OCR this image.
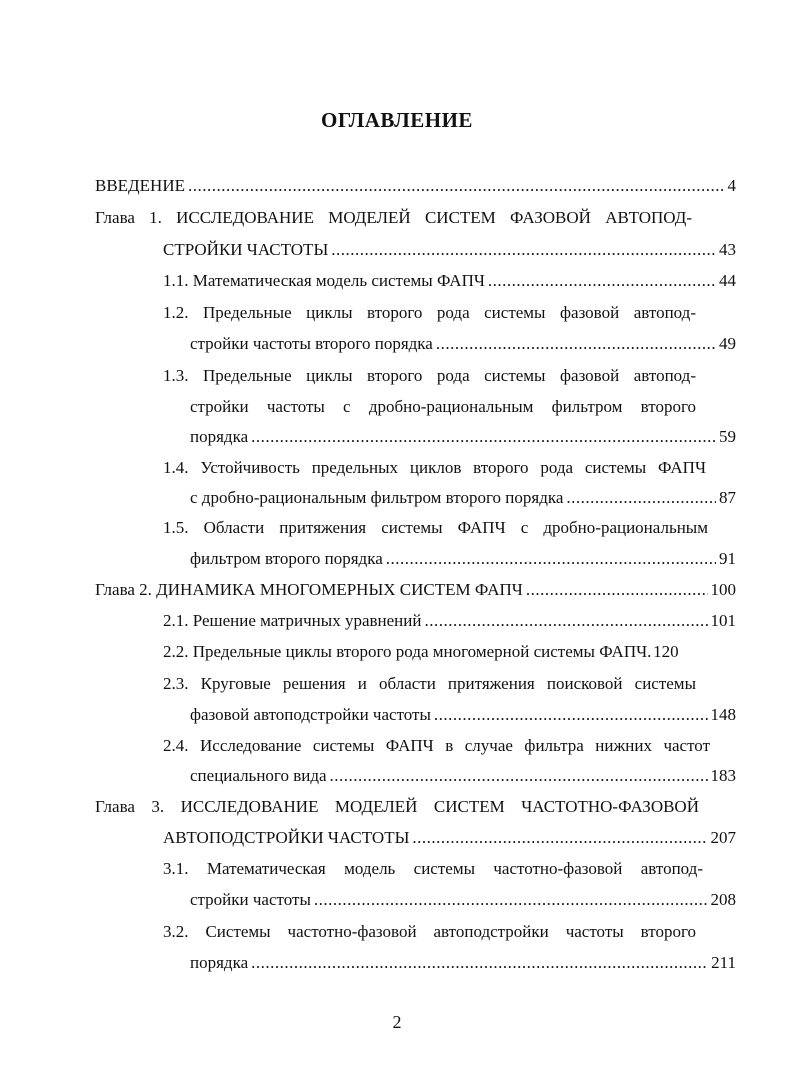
ОГЛАВЛЕНИЕ
ВВЕДЕНИЕ .....	4
Глава 1. ИССЛЕДОВАНИЕ МОДЕЛЕЙ СИСТЕМ ФАЗОВОЙ АВТОПОД-
СТРОЙКИ ЧАСТОТЫ .....	43
1.1. Математическая модель системы ФАПЧ .....	44
1.2. Предельные циклы второго рода системы фазовой автопод-
стройки частоты второго порядка .....	49
1.3. Предельные циклы второго рода системы фазовой автопод-
стройки частоты с дробно-рациональным фильтром второго
порядка .....	59
1.4. Устойчивость предельных циклов второго рода системы ФАПЧ
с дробно-рациональным фильтром второго порядка .....	87
1.5. Области притяжения системы ФАПЧ с дробно-рациональным
фильтром второго порядка .....	91
Глава 2. ДИНАМИКА МНОГОМЕРНЫХ СИСТЕМ ФАПЧ .....	100
2.1. Решение матричных уравнений .....	101
2.2. Предельные циклы второго рода многомерной системы ФАПЧ ..... 120
2.3. Круговые решения и области притяжения поисковой системы
фазовой автоподстройки частоты .....	148
2.4. Исследование системы ФАПЧ в случае фильтра нижних частот
специального вида .....	183
Глава 3. ИССЛЕДОВАНИЕ МОДЕЛЕЙ СИСТЕМ ЧАСТОТНО-ФАЗОВОЙ
АВТОПОДСТРОЙКИ ЧАСТОТЫ .....	207
3.1. Математическая модель системы частотно-фазовой автопод-
стройки частоты .....	208
3.2. Системы частотно-фазовой автоподстройки частоты второго
порядка .....	211
2
